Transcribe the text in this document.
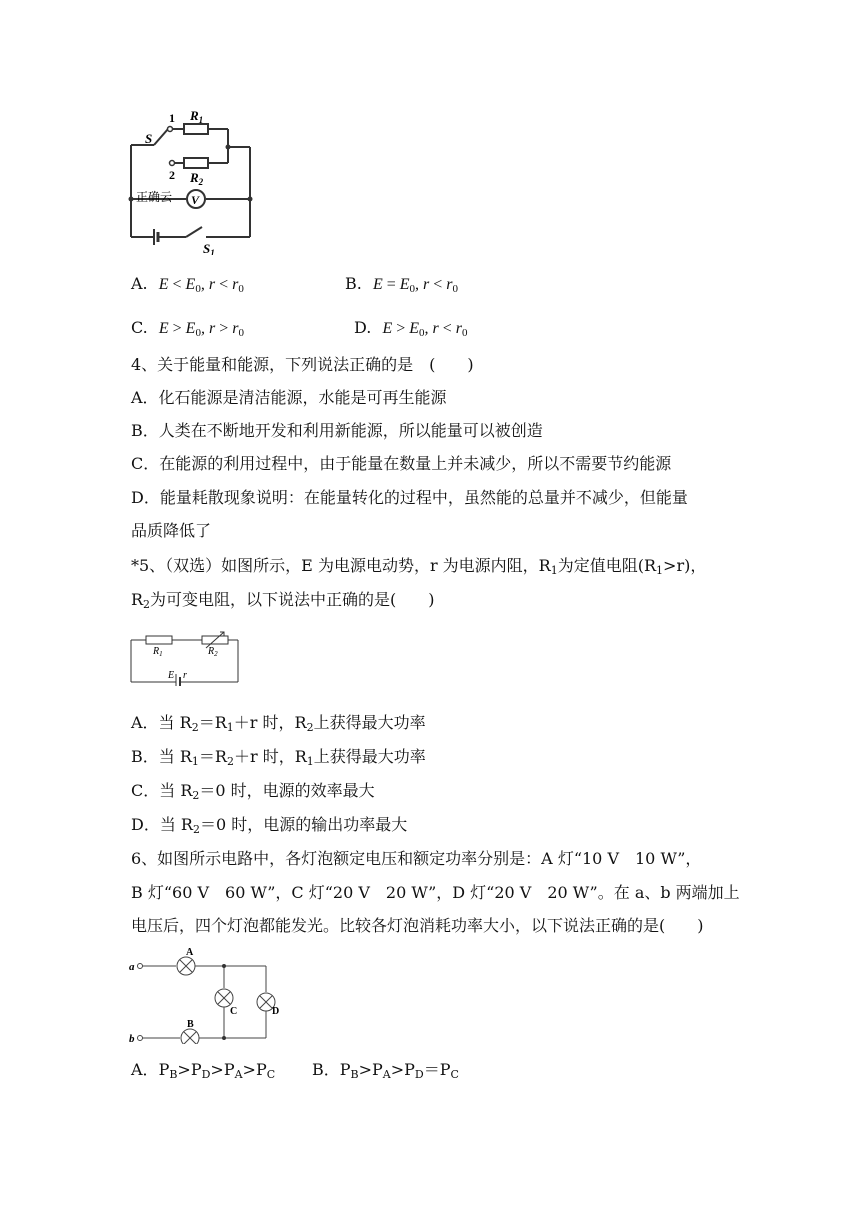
S
1 $R_1$
2 $R_2$
V
正确云
$S_1$
A. $E < E_0$, $r < r_0$	B. $E = E_0$, $r < r_0$
C. $E > E_0$, $r > r_0$	D. $E > E_0$, $r < r_0$
4、关于能量和能源，下列说法正确的是　(　　)
A．化石能源是清洁能源，水能是可再生能源
B．人类在不断地开发和利用新能源，所以能量可以被创造
C．在能源的利用过程中，由于能量在数量上并未减少，所以不需要节约能源
D．能量耗散现象说明：在能量转化的过程中，虽然能的总量并不减少，但能量
品质降低了
*5、（双选）如图所示，E 为电源电动势，r 为电源内阻，$R_1$为定值电阻$(R_1>r)$，
$R_2$为可变电阻，以下说法中正确的是(　　)
$R_1$	$R_2$
E r
A．当 $R_2=R_1+r$ 时，$R_2$上获得最大功率
B．当 $R_1=R_2+r$ 时，$R_1$上获得最大功率
C．当 $R_2=0$ 时，电源的效率最大
D．当 $R_2=0$ 时，电源的输出功率最大
6、如图所示电路中，各灯泡额定电压和额定功率分别是：A 灯“10 V　10 W”，
B 灯“60 V　60 W”，C 灯“20 V　20 W”，D 灯“20 V　20 W”。在 a、b 两端加上
电压后，四个灯泡都能发光。比较各灯泡消耗功率大小，以下说法正确的是(　　)
a
b
A
B
C	D
A．$P_B>P_D>P_A>P_C$ B．$P_B>P_A>P_D=P_C$
